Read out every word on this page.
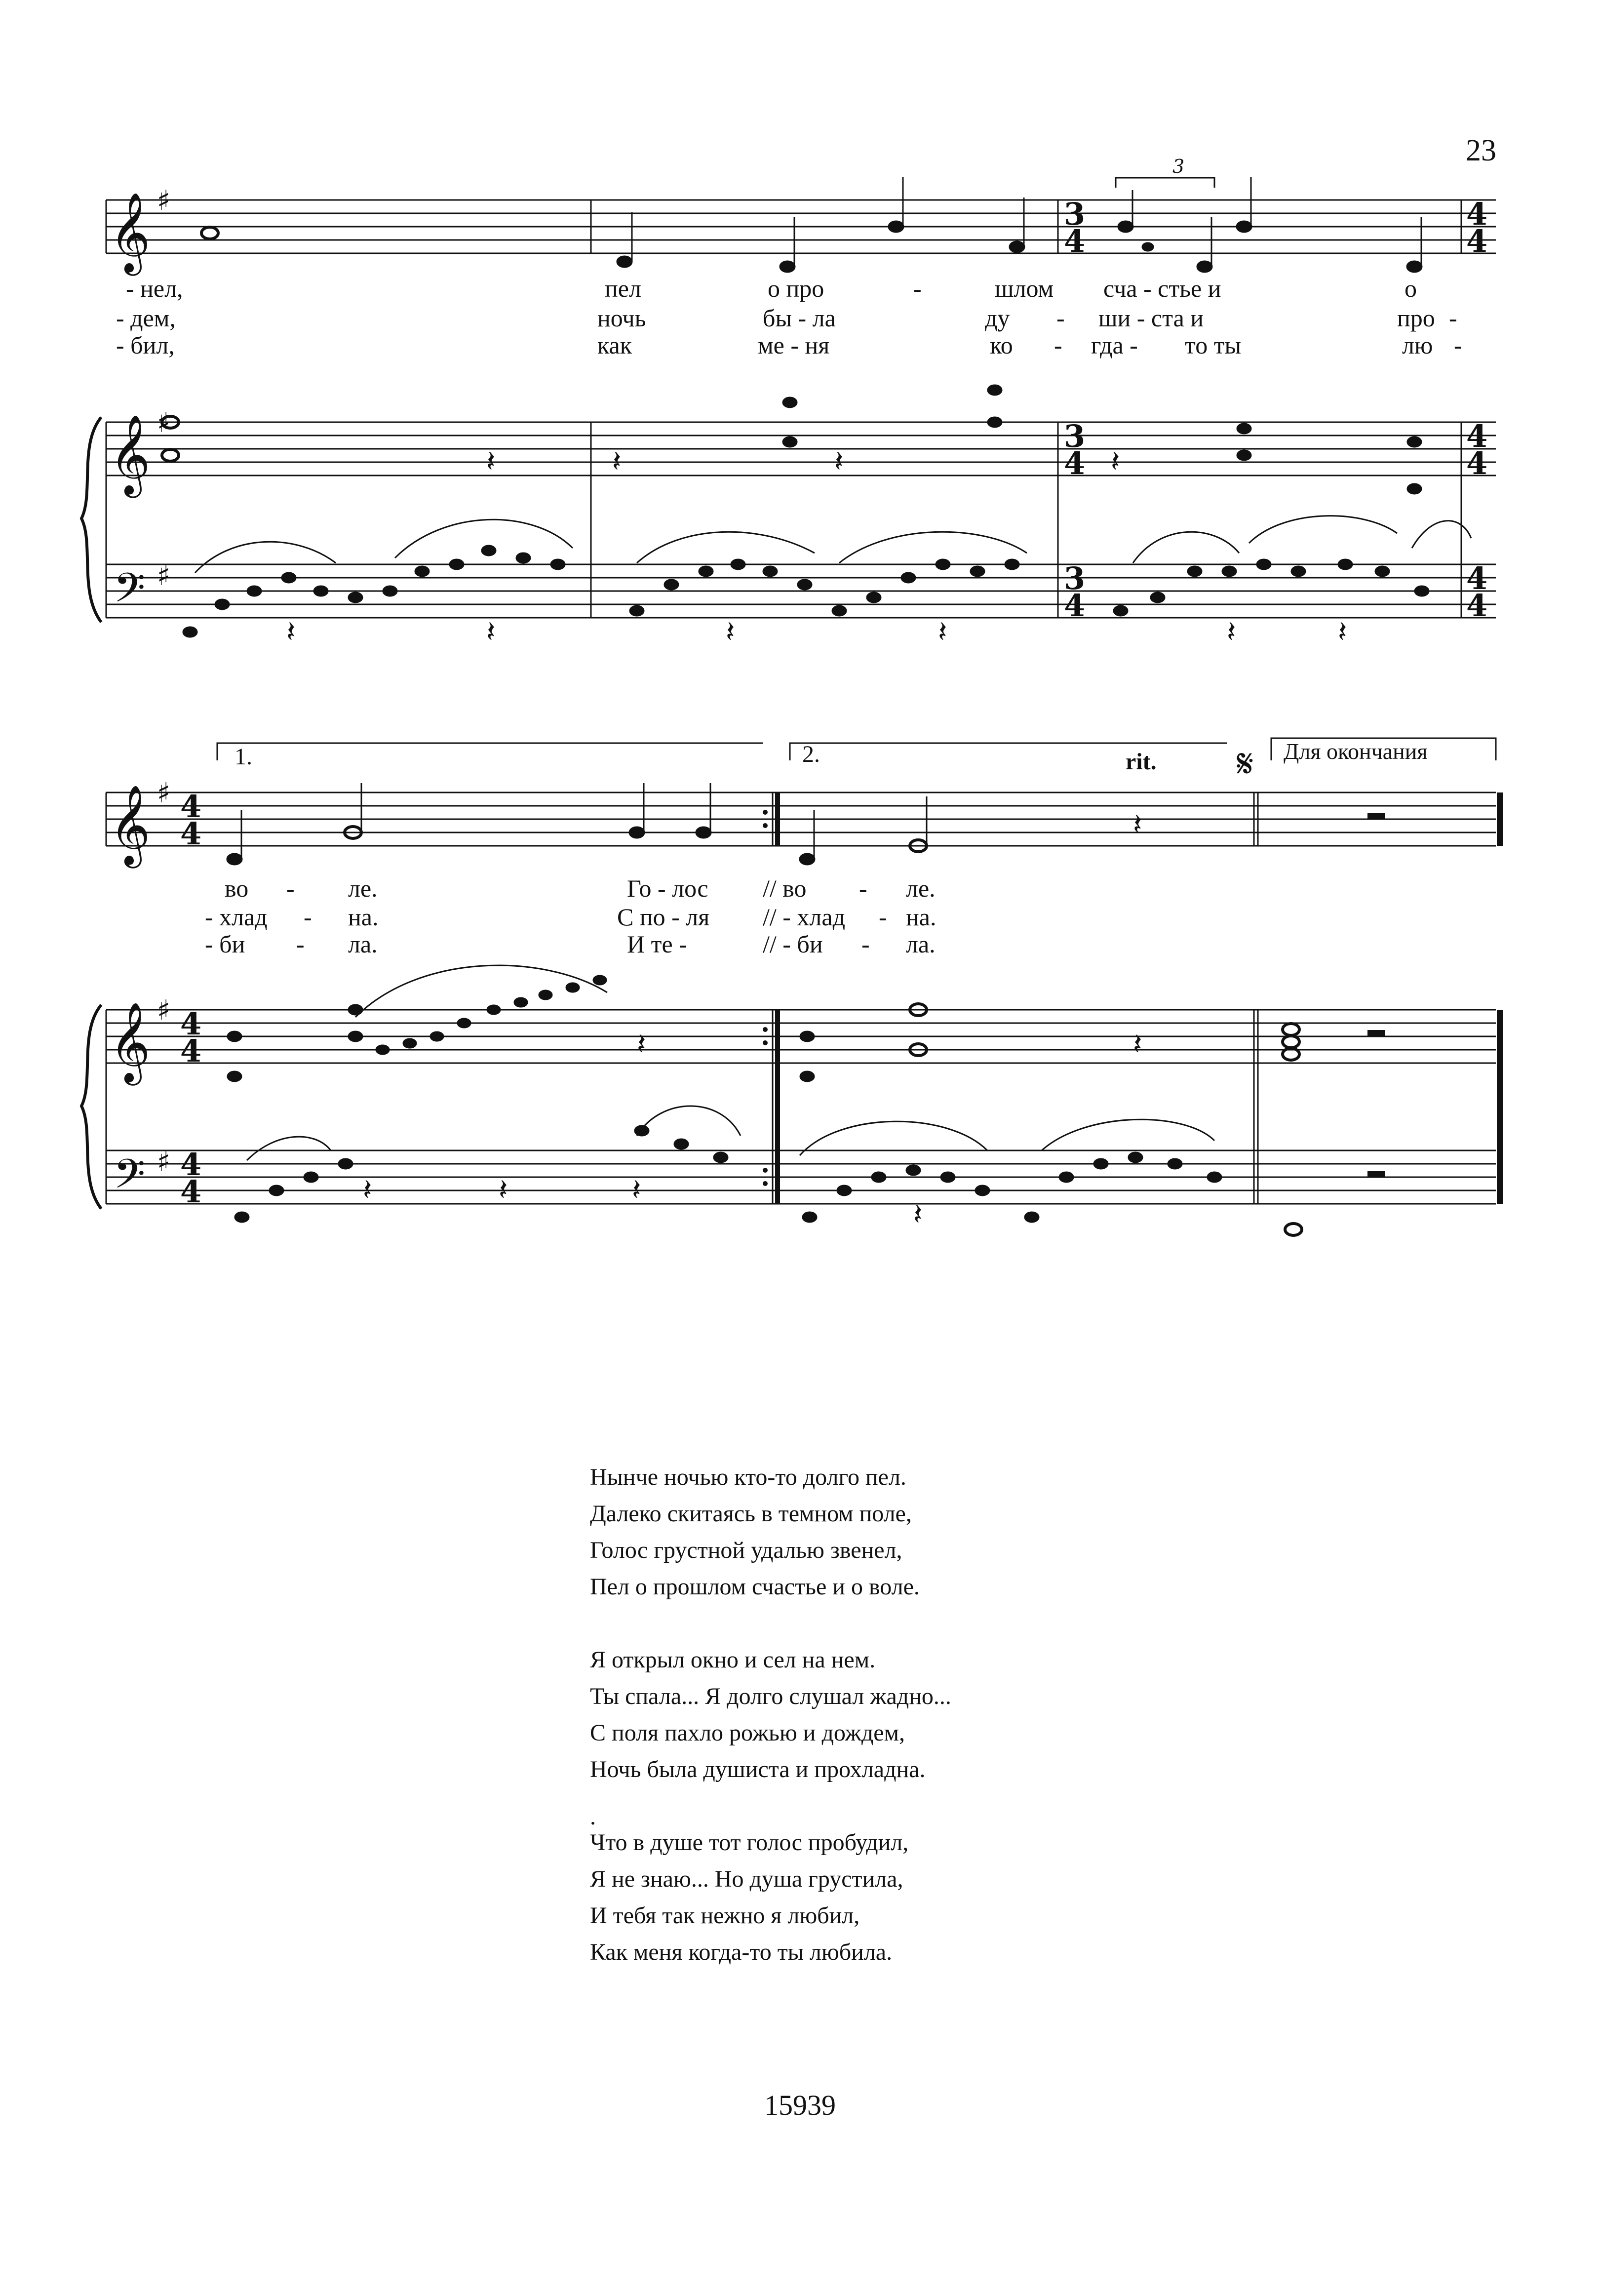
𝄞 ♯
𝄞 ♯
𝄢 ♯
𝄞 ♯
𝄞 ♯
𝄢 ♯
3
4
4
4
3
4
4
4
3
4
4
4
4
4
4
4
4
4
3
𝄽	𝄽	𝄽	𝄽
𝄽	𝄽	𝄽	𝄽	𝄽	𝄽
𝄽
𝄽	𝄽
𝄽	𝄽	𝄽
𝄽
23
- нел,	пел	о про	-	шлом сча - стье и	о
- дем,	ночь	бы - ла	ду - ши - ста и	про -
- бил,	как	ме - ня	ко - гда - то ты	лю -
1.	2.	rit.	Для окончания
𝄋
во - ле.	Го - лос // во - ле.
- хлад - на.	С по - ля // - хлад - на.
- би - ла.	И те -	// - би - ла.
Нынче ночью кто-то долго пел.
Далеко скитаясь в темном поле,
Голос грустной удалью звенел,
Пел о прошлом счастье и о воле.
Я открыл окно и сел на нем.
Ты спала... Я долго слушал жадно...
С поля пахло рожью и дождем,
Ночь была душиста и прохладна.
.
Что в душе тот голос пробудил,
Я не знаю... Но душа грустила,
И тебя так нежно я любил,
Как меня когда-то ты любила.
15939
